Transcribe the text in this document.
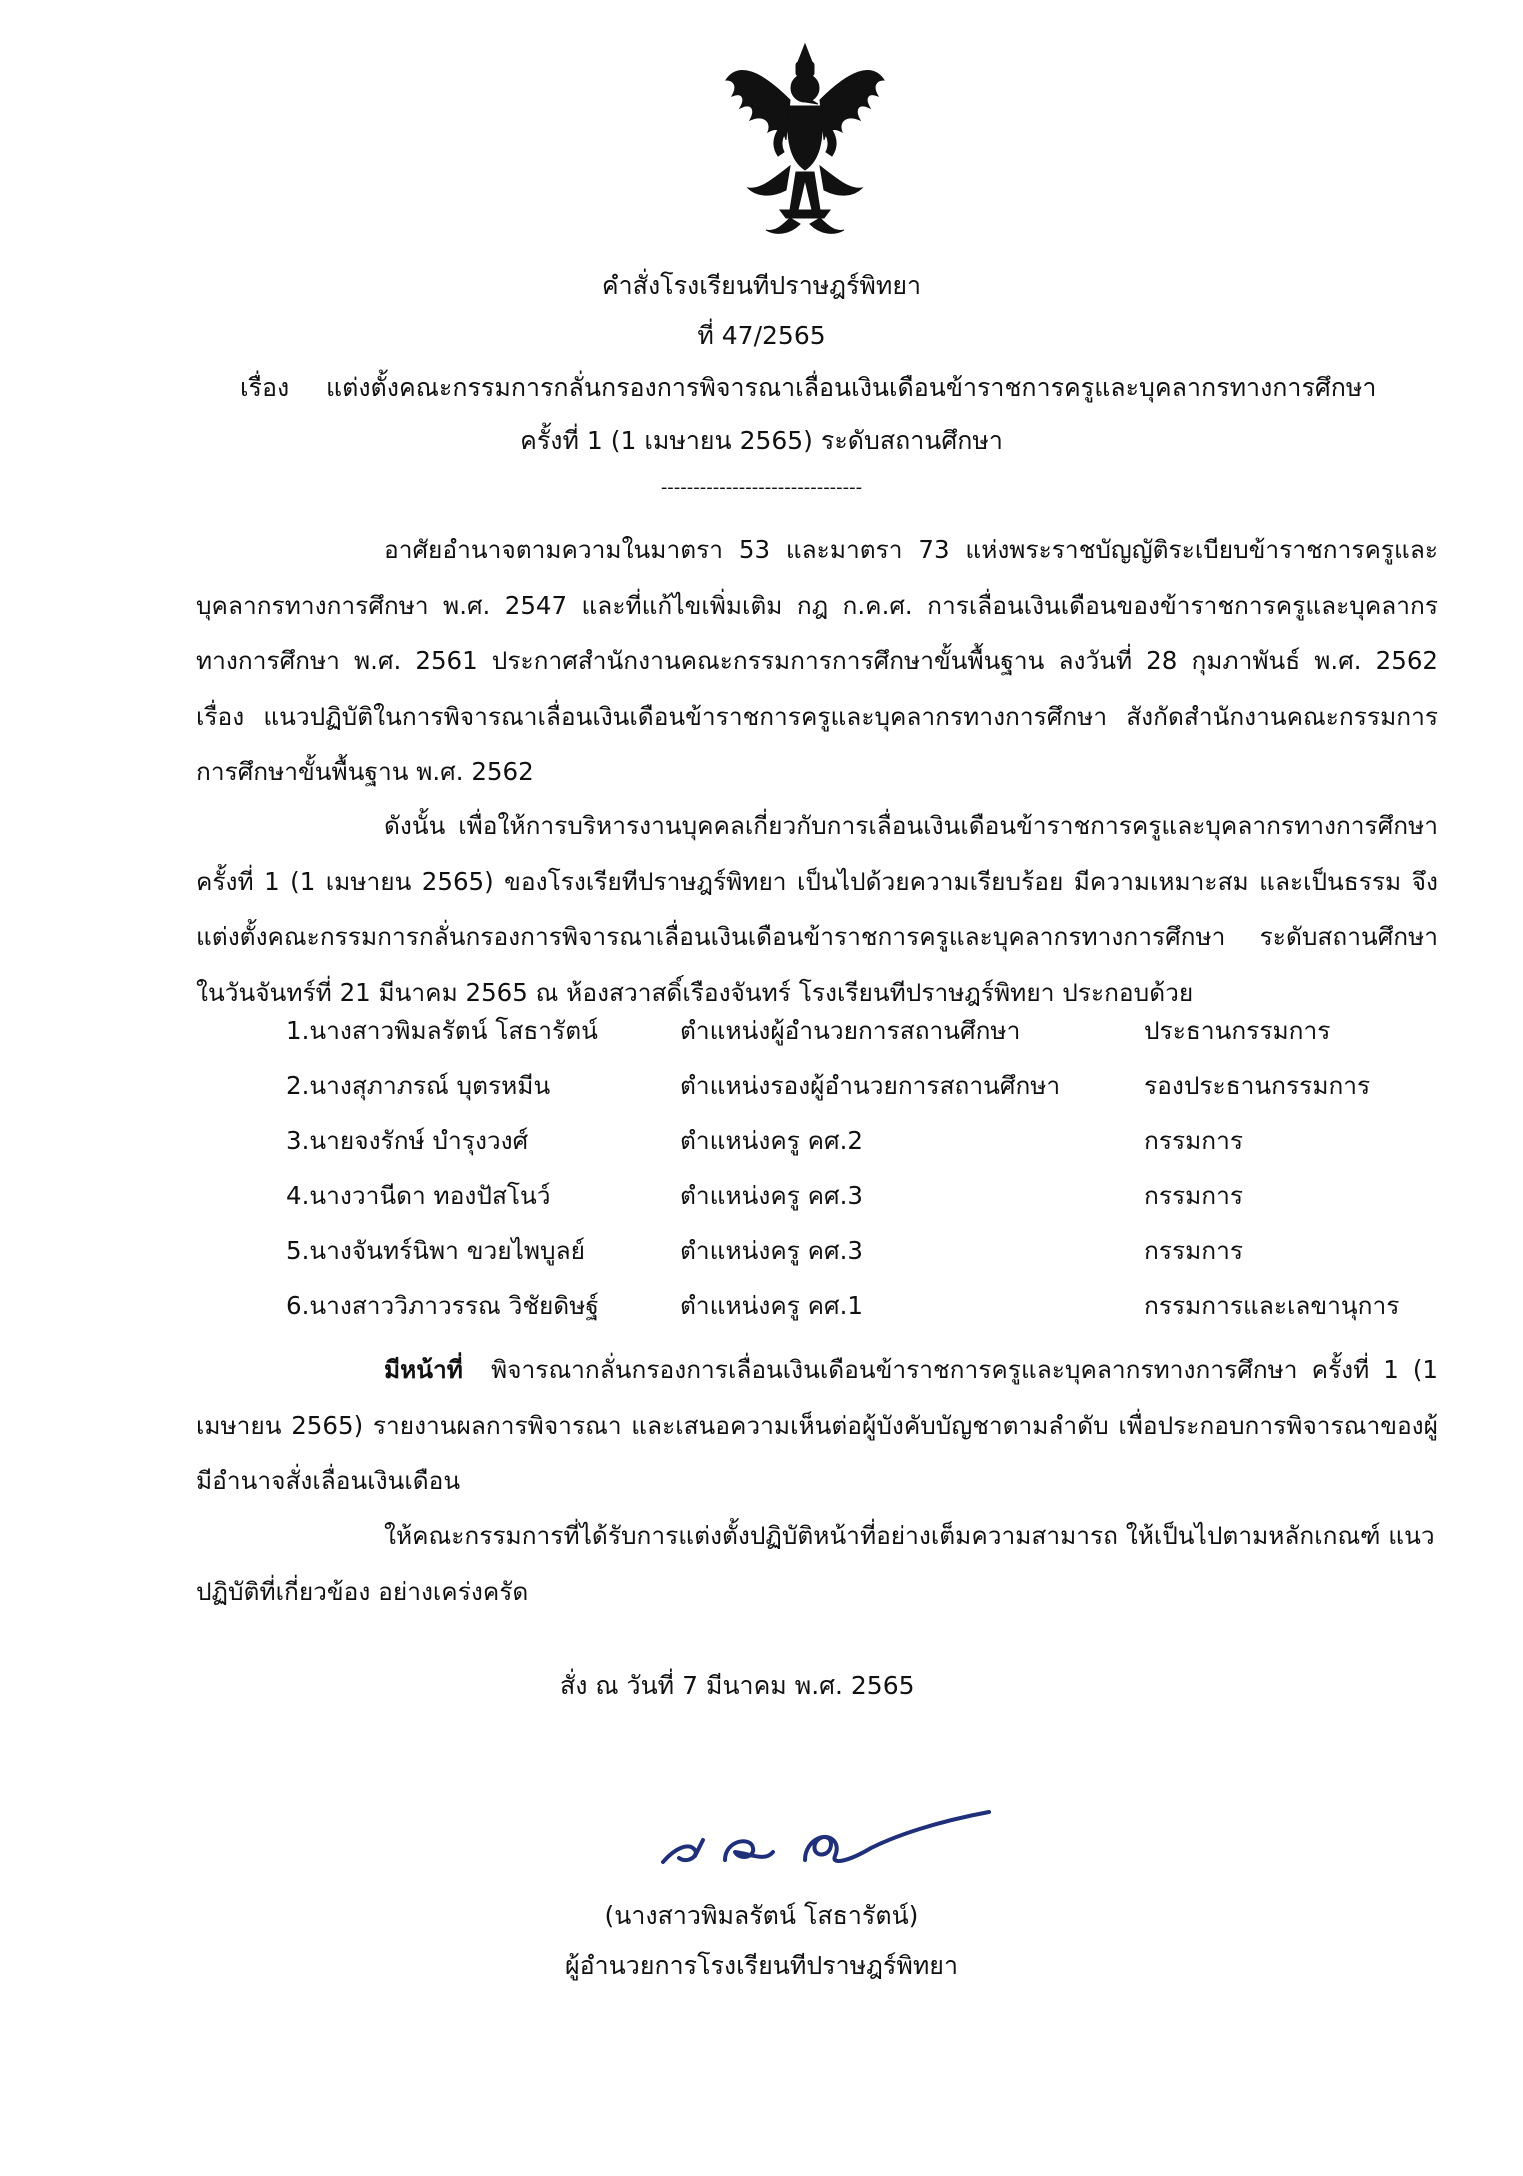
คำสั่งโรงเรียนทีปราษฎร์พิทยา
ที่ 47/2565
เรื่อง แต่งตั้งคณะกรรมการกลั่นกรองการพิจารณาเลื่อนเงินเดือนข้าราชการครูและบุคลากรทางการศึกษา
ครั้งที่ 1 (1 เมษายน 2565) ระดับสถานศึกษา
-------------------------------

อาศัยอำนาจตามความในมาตรา 53 และมาตรา 73 แห่งพระราชบัญญัติระเบียบข้าราชการครูและบุคลากรทางการศึกษา พ.ศ. 2547 และที่แก้ไขเพิ่มเติม กฎ ก.ค.ศ. การเลื่อนเงินเดือนของข้าราชการครูและบุคลากรทางการศึกษา พ.ศ. 2561 ประกาศสำนักงานคณะกรรมการการศึกษาขั้นพื้นฐาน ลงวันที่ 28 กุมภาพันธ์ พ.ศ. 2562 เรื่อง แนวปฏิบัติในการพิจารณาเลื่อนเงินเดือนข้าราชการครูและบุคลากรทางการศึกษา สังกัดสำนักงานคณะกรรมการการศึกษาขั้นพื้นฐาน พ.ศ. 2562

ดังนั้น เพื่อให้การบริหารงานบุคคลเกี่ยวกับการเลื่อนเงินเดือนข้าราชการครูและบุคลากรทางการศึกษา ครั้งที่ 1 (1 เมษายน 2565) ของโรงเรียทีปราษฎร์พิทยา เป็นไปด้วยความเรียบร้อย มีความเหมาะสม และเป็นธรรม จึงแต่งตั้งคณะกรรมการกลั่นกรองการพิจารณาเลื่อนเงินเดือนข้าราชการครูและบุคลากรทางการศึกษา ระดับสถานศึกษา ในวันจันทร์ที่ 21 มีนาคม 2565 ณ ห้องสวาสดิ์เรืองจันทร์ โรงเรียนทีปราษฎร์พิทยา ประกอบด้วย

1.นางสาวพิมลรัตน์ โสธารัตน์	ตำแหน่งผู้อำนวยการสถานศึกษา	ประธานกรรมการ
2.นางสุภาภรณ์ บุตรหมีน	ตำแหน่งรองผู้อำนวยการสถานศึกษา	รองประธานกรรมการ
3.นายจงรักษ์ บำรุงวงศ์	ตำแหน่งครู คศ.2	กรรมการ
4.นางวานีดา ทองปัสโนว์	ตำแหน่งครู คศ.3	กรรมการ
5.นางจันทร์นิพา ขวยไพบูลย์	ตำแหน่งครู คศ.3	กรรมการ
6.นางสาววิภาวรรณ วิชัยดิษฐ์	ตำแหน่งครู คศ.1	กรรมการและเลขานุการ

มีหน้าที่ พิจารณากลั่นกรองการเลื่อนเงินเดือนข้าราชการครูและบุคลากรทางการศึกษา ครั้งที่ 1 (1 เมษายน 2565) รายงานผลการพิจารณา และเสนอความเห็นต่อผู้บังคับบัญชาตามลำดับ เพื่อประกอบการพิจารณาของผู้มีอำนาจสั่งเลื่อนเงินเดือน

ให้คณะกรรมการที่ได้รับการแต่งตั้งปฏิบัติหน้าที่อย่างเต็มความสามารถ ให้เป็นไปตามหลักเกณฑ์ แนวปฏิบัติที่เกี่ยวข้อง อย่างเคร่งครัด

สั่ง ณ วันที่ 7 มีนาคม พ.ศ. 2565
(นางสาวพิมลรัตน์ โสธารัตน์)
ผู้อำนวยการโรงเรียนทีปราษฎร์พิทยา
